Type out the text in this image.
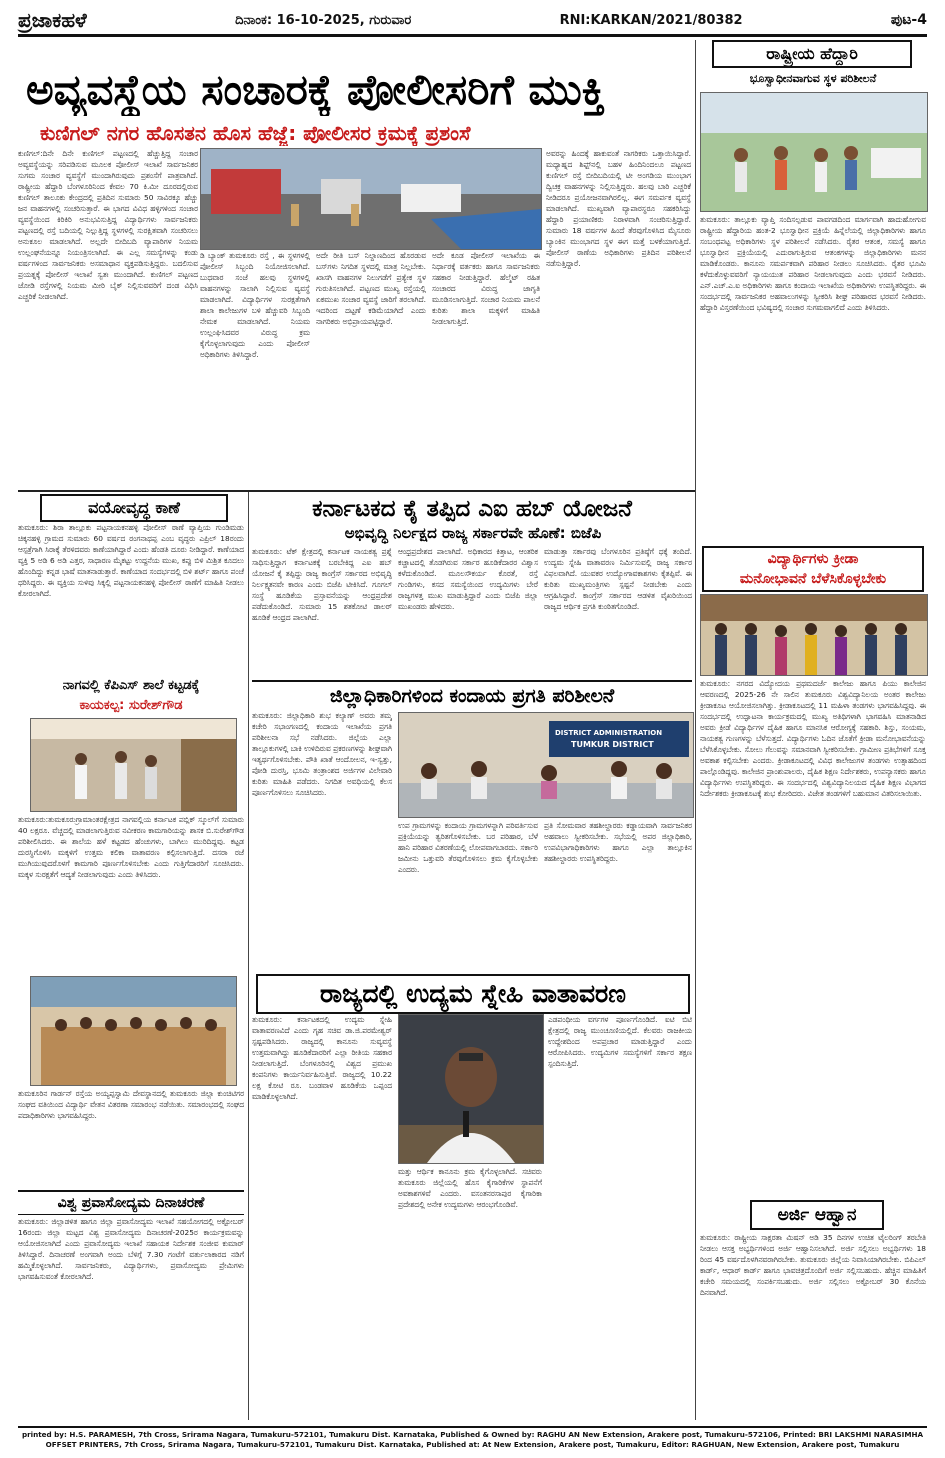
ಪ್ರಜಾಕಹಳೆ	ದಿನಾಂಕ: 16-10-2025, ಗುರುವಾರ	RNI:KARKAN/2021/80382	ಪುಟ-4
ಅವ್ಯವಸ್ಥೆಯ ಸಂಚಾರಕ್ಕೆ ಪೋಲೀಸರಿಗೆ ಮುಕ್ತಿ
ಕುಣಿಗಲ್ ನಗರ ಹೊಸತನ ಹೊಸ ಹೆಜ್ಜೆ: ಪೋಲೀಸರ ಕ್ರಮಕ್ಕೆ ಪ್ರಶಂಸೆ
ಕುಣಿಗಲ್:ದಿನೇ ದಿನೇ ಕುಣಿಗಲ್ ಪಟ್ಟಣದಲ್ಲಿ ಹೆಚ್ಚುತ್ತಿದ್ದ ಸಂಚಾರ ಅವ್ಯವಸ್ಥೆಯನ್ನು ಸರಿಪಡಿಸುವ ಮೂಲಕ ಪೋಲೀಸ್ ಇಲಾಖೆ ಸಾರ್ವಜನಿಕರ ಸುಗಮ ಸಂಚಾರ ವ್ಯವಸ್ಥೆಗೆ ಮುಂದಾಗಿರುವುದು ಪ್ರಶಂಸೆಗೆ ಪಾತ್ರವಾಗಿದೆ. ರಾಷ್ಟ್ರೀಯ ಹೆದ್ದಾರಿ ಬೆಂಗಳೂರಿನಿಂದ ಕೇವಲ 70 ಕಿ.ಮೀ ದೂರದಲ್ಲಿರುವ ಕುಣಿಗಲ್ ತಾಲೂಕು ಕೇಂದ್ರದಲ್ಲಿ ಪ್ರತಿದಿನ ಸುಮಾರು 50 ಸಾವಿರಕ್ಕೂ ಹೆಚ್ಚು ಜನ ವಾಹನಗಳಲ್ಲಿ ಸಂಚರಿಸುತ್ತಾರೆ. ಈ ಭಾಗದ ವಿವಿಧ ಹಳ್ಳಿಗಳಿಂದ ಸಂಚಾರ ವ್ಯವಸ್ಥೆಯಿಂದ ಕಿರಿಕಿರಿ ಅನುಭವಿಸುತ್ತಿದ್ದ ವಿದ್ಯಾರ್ಥಿಗಳು ಸಾರ್ವಜನಿಕರು ಪಟ್ಟಣದಲ್ಲಿ ರಸ್ತೆ ಬದಿಯಲ್ಲಿ ನಿಲ್ಲುತ್ತಿದ್ದ ಸ್ಥಳಗಳಲ್ಲಿ ಸುರಕ್ಷಿತವಾಗಿ ಸಂಚರಿಸಲು ಅನುಕೂಲ ಮಾಡಲಾಗಿದೆ. ಅಲ್ಲದೇ ಬೀದಿಬದಿ ವ್ಯಾಪಾರಿಗಳ ನಿಯಮ ಉಲ್ಲಂಘನೆಯನ್ನೂ ನಿಯಂತ್ರಿಸಲಾಗಿದೆ. ಈ ಎಲ್ಲ ಸಮಸ್ಯೆಗಳನ್ನು ಕಂಡು ವರ್ಷಗಳಿಂದ ಸಾರ್ವಜನಿಕರು ಅಸಮಾಧಾನ ವ್ಯಕ್ತಪಡಿಸುತ್ತಿದ್ದರು. ಬದಲಿಸುವ ಪ್ರಯತ್ನಕ್ಕೆ ಪೋಲೀಸ್ ಇಲಾಖೆ ಸ್ವತಃ ಮುಂದಾಗಿದೆ. ಕುಣಿಗಲ್ ಪಟ್ಟಣದ ಜೋಡಿ ರಸ್ತೆಗಳಲ್ಲಿ ನಿಯಮ ಮೀರಿ ಬೈಕ್ ನಿಲ್ಲಿಸುವವರಿಗೆ ದಂಡ ವಿಧಿಸಿ ಎಚ್ಚರಿಕೆ ನೀಡಲಾಗಿದೆ.
ಡಿ ಬ್ಯಾಂಕ್ ತುಮಕೂರು ರಸ್ತೆ , ಈ ಸ್ಥಳಗಳಲ್ಲಿ ಪೋಲೀಸ್ ಸಿಬ್ಬಂದಿ ನಿಯೋಜಿಸಲಾಗಿದೆ. ಬುಧವಾರ ಸಂಜೆ ಹಲವು ಸ್ಥಳಗಳಲ್ಲಿ ವಾಹನಗಳನ್ನು ಸಾಲಾಗಿ ನಿಲ್ಲಿಸುವ ವ್ಯವಸ್ಥೆ ಮಾಡಲಾಗಿದೆ. ವಿದ್ಯಾರ್ಥಿಗಳ ಸುರಕ್ಷತೆಗಾಗಿ ಶಾಲಾ ಕಾಲೇಜುಗಳ ಬಳಿ ಹೆಚ್ಚುವರಿ ಸಿಬ್ಬಂದಿ ನೇಮಕ ಮಾಡಲಾಗಿದೆ. ನಿಯಮ ಉಲ್ಲಂಘಿಸಿದವರ ವಿರುದ್ಧ ಕ್ರಮ ಕೈಗೊಳ್ಳಲಾಗುವುದು ಎಂದು ಪೋಲೀಸ್ ಅಧಿಕಾರಿಗಳು ತಿಳಿಸಿದ್ದಾರೆ.
ಅದೇ ರೀತಿ ಬಸ್ ನಿಲ್ದಾಣದಿಂದ ಹೊರಡುವ ಬಸ್‌ಗಳು ನಿಗದಿತ ಸ್ಥಳದಲ್ಲಿ ಮಾತ್ರ ನಿಲ್ಲಬೇಕು. ಖಾಸಗಿ ವಾಹನಗಳ ನಿಲುಗಡೆಗೆ ಪ್ರತ್ಯೇಕ ಸ್ಥಳ ಗುರುತಿಸಲಾಗಿದೆ. ಪಟ್ಟಣದ ಮುಖ್ಯ ರಸ್ತೆಯಲ್ಲಿ ಏಕಮುಖ ಸಂಚಾರ ವ್ಯವಸ್ಥೆ ಜಾರಿಗೆ ತರಲಾಗಿದೆ. ಇದರಿಂದ ದಟ್ಟಣೆ ಕಡಿಮೆಯಾಗಿದೆ ಎಂದು ನಾಗರಿಕರು ಅಭಿಪ್ರಾಯಪಟ್ಟಿದ್ದಾರೆ.
ಅದೇ ಕೂಡ ಪೋಲೀಸ್ ಇಲಾಖೆಯ ಈ ನಿರ್ಧಾರಕ್ಕೆ ವರ್ತಕರು ಹಾಗೂ ಸಾರ್ವಜನಿಕರು ಸಹಕಾರ ನೀಡುತ್ತಿದ್ದಾರೆ. ಹೆಲ್ಮೆಟ್ ರಹಿತ ಸಂಚಾರದ ವಿರುದ್ಧ ಜಾಗೃತಿ ಮೂಡಿಸಲಾಗುತ್ತಿದೆ. ಸಂಚಾರ ನಿಯಮ ಪಾಲನೆ ಕುರಿತು ಶಾಲಾ ಮಕ್ಕಳಿಗೆ ಮಾಹಿತಿ ನೀಡಲಾಗುತ್ತಿದೆ.
ಅವರನ್ನು ಹಿಂದಕ್ಕೆ ಹಾಕುವಂತೆ ನಾಗರಿಕರು ಒತ್ತಾಯಿಸಿದ್ದಾರೆ. ಮಧ್ಯಾಹ್ನದ ಶಿಫ್ಟ್‌ನಲ್ಲಿ ಬಹಳ ಹಿಂದಿನಿಂದಲೂ ಪಟ್ಟಣದ ಕುಣಿಗಲ್ ರಸ್ತೆ ಬೀದಿಬದಿಯಲ್ಲಿ ಟೀ ಅಂಗಡಿಯ ಮುಂಭಾಗ ದ್ವಿಚಕ್ರ ವಾಹನಗಳನ್ನು ನಿಲ್ಲಿಸುತ್ತಿದ್ದರು. ಹಲವು ಬಾರಿ ಎಚ್ಚರಿಕೆ ನೀಡಿದರೂ ಪ್ರಯೋಜನವಾಗಿರಲಿಲ್ಲ. ಈಗ ಸಮರ್ಪಕ ವ್ಯವಸ್ಥೆ ಮಾಡಲಾಗಿದೆ. ಮುಖ್ಯವಾಗಿ ವ್ಯಾಪಾರಸ್ಥರೂ ಸಹಕರಿಸಿದ್ದು ಹೆದ್ದಾರಿ ಪ್ರಯಾಣಿಕರು ನಿರಾಳವಾಗಿ ಸಂಚರಿಸುತ್ತಿದ್ದಾರೆ. ಸುಮಾರು 18 ವರ್ಷಗಳ ಹಿಂದೆ ತೆರವುಗೊಳಿಸಿದ ಮೈಸೂರು ಬ್ಯಾಂಕಿನ ಮುಂಭಾಗದ ಸ್ಥಳ ಈಗ ಮತ್ತೆ ಬಳಕೆಯಾಗುತ್ತಿದೆ. ಪೋಲೀಸ್ ಠಾಣೆಯ ಅಧಿಕಾರಿಗಳು ಪ್ರತಿದಿನ ಪರಿಶೀಲನೆ ನಡೆಸುತ್ತಿದ್ದಾರೆ.
ರಾಷ್ಟ್ರೀಯ ಹೆದ್ದಾರಿ
ಭೂಸ್ವಾಧೀನವಾಗುವ ಸ್ಥಳ ಪರಿಶೀಲನೆ
ತುಮಕೂರು: ತಾಲ್ಲೂಕು ವ್ಯಾಪ್ತಿ ಸಂದಿಸಲ್ಪಡುವ ಪಾವಗಡದಿಂದ ಮಾರ್ಗವಾಗಿ ಹಾದುಹೋಗುವ ರಾಷ್ಟ್ರೀಯ ಹೆದ್ದಾರಿಯ ಹಂತ-2 ಭೂಸ್ವಾಧೀನ ಪ್ರಕ್ರಿಯೆ ಹಿನ್ನೆಲೆಯಲ್ಲಿ ಜಿಲ್ಲಾಧಿಕಾರಿಗಳು ಹಾಗೂ ಸಂಬಂಧಪಟ್ಟ ಅಧಿಕಾರಿಗಳು ಸ್ಥಳ ಪರಿಶೀಲನೆ ನಡೆಸಿದರು. ರೈತರ ಆತಂಕ, ಸಮಸ್ಯೆ ಹಾಗೂ ಭೂಸ್ವಾಧೀನ ಪ್ರಕ್ರಿಯೆಯಲ್ಲಿ ಎದುರಾಗುತ್ತಿರುವ ಆತಂಕಗಳನ್ನು ಜಿಲ್ಲಾಧಿಕಾರಿಗಳು ಮನನ ಮಾಡಿಕೊಂಡರು. ಕಾನೂನು ಸಮರ್ಪಕವಾಗಿ ಪರಿಹಾರ ನೀಡಲು ಸೂಚಿಸಿದರು. ರೈತರ ಭೂಮಿ ಕಳೆದುಕೊಳ್ಳುವವರಿಗೆ ನ್ಯಾಯಯುತ ಪರಿಹಾರ ನೀಡಲಾಗುವುದು ಎಂದು ಭರವಸೆ ನೀಡಿದರು. ಎನ್.ಎಚ್.ಎ.ಐ ಅಧಿಕಾರಿಗಳು ಹಾಗೂ ಕಂದಾಯ ಇಲಾಖೆಯ ಅಧಿಕಾರಿಗಳು ಉಪಸ್ಥಿತರಿದ್ದರು. ಈ ಸಂದರ್ಭದಲ್ಲಿ ಸಾರ್ವಜನಿಕರ ಅಹವಾಲುಗಳನ್ನು ಸ್ವೀಕರಿಸಿ ಶೀಘ್ರ ಪರಿಹಾರದ ಭರವಸೆ ನೀಡಿದರು. ಹೆದ್ದಾರಿ ವಿಸ್ತರಣೆಯಿಂದ ಭವಿಷ್ಯದಲ್ಲಿ ಸಂಚಾರ ಸುಗಮವಾಗಲಿದೆ ಎಂದು ತಿಳಿಸಿದರು.
ವಯೋವೃದ್ಧ ಕಾಣೆ
ತುಮಕೂರು: ಶಿರಾ ತಾಲ್ಲೂಕು ಪಟ್ಟನಾಯಕನಹಳ್ಳಿ ಪೋಲೀಸ್ ಠಾಣೆ ವ್ಯಾಪ್ತಿಯ ಗುಂಡಿಮಡು ಚಿಕ್ಕನಹಳ್ಳಿ ಗ್ರಾಮದ ಸುಮಾರು 60 ವರ್ಷದ ರಂಗನಾಥಪ್ಪ ಎಂಬ ವೃದ್ಧರು ಎಪ್ರಿಲ್ 18ರಂದು ಆಸ್ಪತ್ರೆಗಾಗಿ ಸಿರಾಕ್ಕೆ ತೆರಳಿದವರು ಕಾಣೆಯಾಗಿದ್ದಾರೆ ಎಂದು ಹೆಂಡತಿ ದೂರು ನೀಡಿದ್ದಾರೆ. ಕಾಣೆಯಾದ ವ್ಯಕ್ತಿ 5 ಅಡಿ 6 ಅಡಿ ಎತ್ತರ, ಸಾಧಾರಣ ಮೈಕಟ್ಟು ಉದ್ದನೆಯ ಮುಖ, ಕಪ್ಪು ಬಿಳಿ ಮಿಶ್ರಿತ ಕೂದಲು ಹೊಂದಿದ್ದು ಕನ್ನಡ ಭಾಷೆ ಮಾತನಾಡುತ್ತಾರೆ. ಕಾಣೆಯಾದ ಸಂದರ್ಭದಲ್ಲಿ ಬಿಳಿ ಶರ್ಟ್ ಹಾಗೂ ಪಂಚೆ ಧರಿಸಿದ್ದರು. ಈ ವ್ಯಕ್ತಿಯ ಸುಳಿವು ಸಿಕ್ಕಲ್ಲಿ ಪಟ್ಟನಾಯಕನಹಳ್ಳಿ ಪೋಲೀಸ್ ಠಾಣೆಗೆ ಮಾಹಿತಿ ನೀಡಲು ಕೋರಲಾಗಿದೆ.
ನಾಗವಲ್ಲಿ ಕೆಪಿಎಸ್ ಶಾಲೆ ಕಟ್ಟಡಕ್ಕೆ
ಕಾಯಕಲ್ಪ: ಸುರೇಶ್‌ಗೌಡ
ತುಮಕೂರು:ತುಮಕೂರುಗ್ರಾಮಾಂತರಕ್ಷೇತ್ರದ ನಾಗವಲ್ಲಿಯ ಕರ್ನಾಟಕ ಪಬ್ಲಿಕ್ ಸ್ಕೂಲ್‌ಗೆ ಸುಮಾರು 40 ಲಕ್ಷರೂ. ವೆಚ್ಚದಲ್ಲಿ ಮಾಡಲಾಗುತ್ತಿರುವ ನವೀಕರಣ ಕಾಮಗಾರಿಯನ್ನು ಶಾಸಕ ಬಿ.ಸುರೇಶ್‌ಗೌಡ ಪರಿಶೀಲಿಸಿದರು. ಈ ಶಾಲೆಯ ಹಳೆ ಕಟ್ಟಡದ ಹೆಂಚುಗಳು, ಬಾಗಿಲು ಮುರಿದಿದ್ದವು. ಕಟ್ಟಡ ದುರಸ್ಥಿಗೊಳಿಸಿ ಮಕ್ಕಳಿಗೆ ಉತ್ತಮ ಕಲಿಕಾ ವಾತಾವರಣ ಕಲ್ಪಿಸಲಾಗುತ್ತಿದೆ. ದಸರಾ ರಜೆ ಮುಗಿಯುವುದರೊಳಗೆ ಕಾಮಗಾರಿ ಪೂರ್ಣಗೊಳಿಸಬೇಕು ಎಂದು ಗುತ್ತಿಗೆದಾರರಿಗೆ ಸೂಚಿಸಿದರು. ಮಕ್ಕಳ ಸುರಕ್ಷತೆಗೆ ಆದ್ಯತೆ ನೀಡಲಾಗುವುದು ಎಂದು ತಿಳಿಸಿದರು.
ತುಮಕೂರಿನ ಗಾರ್ಡನ್ ರಸ್ತೆಯ ಅಯ್ಯಪ್ಪಸ್ವಾಮಿ ದೇವಸ್ಥಾನದಲ್ಲಿ ತುಮಕೂರು ಜಿಲ್ಲಾ ಕುಂಚಿಟಿಗರ ಸಂಘದ ವತಿಯಿಂದ ವಿದ್ಯಾರ್ಥಿ ವೇತನ ವಿತರಣಾ ಸಮಾರಂಭ ನಡೆಯಿತು. ಸಮಾರಂಭದಲ್ಲಿ ಸಂಘದ ಪದಾಧಿಕಾರಿಗಳು ಭಾಗವಹಿಸಿದ್ದರು.
ವಿಶ್ವ ಪ್ರವಾಸೋದ್ಯಮ ದಿನಾಚರಣೆ
ತುಮಕೂರು: ಜಿಲ್ಲಾಡಳಿತ ಹಾಗೂ ಜಿಲ್ಲಾ ಪ್ರವಾಸೋದ್ಯಮ ಇಲಾಖೆ ಸಹಯೋಗದಲ್ಲಿ ಅಕ್ಟೋಬರ್ 16ರಂದು ಜಿಲ್ಲಾ ಮಟ್ಟದ ವಿಶ್ವ ಪ್ರವಾಸೋದ್ಯಮ ದಿನಾಚರಣೆ-2025ರ ಕಾರ್ಯಕ್ರಮವನ್ನು ಆಯೋಜಿಸಲಾಗಿದೆ ಎಂದು ಪ್ರವಾಸೋದ್ಯಮ ಇಲಾಖೆ ಸಹಾಯಕ ನಿರ್ದೇಶಕ ಸಂಜೀವ ಕುಮಾರ್ ತಿಳಿಸಿದ್ದಾರೆ. ದಿನಾಚರಣೆ ಅಂಗವಾಗಿ ಅಂದು ಬೆಳಿಗ್ಗೆ 7.30 ಗಂಟೆಗೆ ವರ್ತುಲಾಕಾರದ ನಡಿಗೆ ಹಮ್ಮಿಕೊಳ್ಳಲಾಗಿದೆ. ಸಾರ್ವಜನಿಕರು, ವಿದ್ಯಾರ್ಥಿಗಳು, ಪ್ರವಾಸೋದ್ಯಮ ಪ್ರೇಮಿಗಳು ಭಾಗವಹಿಸುವಂತೆ ಕೋರಲಾಗಿದೆ.
ಕರ್ನಾಟಕದ ಕೈ ತಪ್ಪಿದ ಎಐ ಹಬ್ ಯೋಜನೆ
ಅಭಿವೃದ್ಧಿ ನಿರ್ಲಕ್ಷದ ರಾಜ್ಯ ಸರ್ಕಾರವೇ ಹೊಣೆ: ಬಿಜೆಪಿ
ತುಮಕೂರು: ಟೆಕ್ ಕ್ಷೇತ್ರದಲ್ಲಿ ಕರ್ನಾಟಕ ನಾಯಕತ್ವ ಪ್ರಶ್ನೆ ಸಾಧಿಸುತ್ತಿದ್ದಾಗ ಕರ್ನಾಟಕಕ್ಕೆ ಬರಬೇಕಿದ್ದ ಎಐ ಹಬ್ ಯೋಜನೆ ಕೈ ತಪ್ಪಿದ್ದು ರಾಜ್ಯ ಕಾಂಗ್ರೆಸ್ ಸರ್ಕಾರದ ಅಭಿವೃದ್ಧಿ ನಿರ್ಲಕ್ಷ್ಯತನವೇ ಕಾರಣ ಎಂದು ಬಿಜೆಪಿ ಟೀಕಿಸಿದೆ. ಗೂಗಲ್ ಸಂಸ್ಥೆ ಹೂಡಿಕೆಯ ಪ್ರಸ್ತಾವನೆಯನ್ನು ಆಂಧ್ರಪ್ರದೇಶ ಪಡೆದುಕೊಂಡಿದೆ. ಸುಮಾರು 15 ಶತಕೋಟಿ ಡಾಲರ್ ಹೂಡಿಕೆ ಆಂಧ್ರದ ಪಾಲಾಗಿದೆ.
ಆಂಧ್ರಪ್ರದೇಶದ ಪಾಲಾಗಿದೆ. ಅಧಿಕಾರದ ಕಿತ್ತಾಟ, ಆಂತರಿಕ ಕಚ್ಚಾಟದಲ್ಲಿ ತೊಡಗಿರುವ ಸರ್ಕಾರ ಹೂಡಿಕೆದಾರರ ವಿಶ್ವಾಸ ಕಳೆದುಕೊಂಡಿದೆ. ಮೂಲಸೌಕರ್ಯ ಕೊರತೆ, ರಸ್ತೆ ಗುಂಡಿಗಳು, ಕಸದ ಸಮಸ್ಯೆಯಿಂದ ಉದ್ಯಮಿಗಳು ಬೇರೆ ರಾಜ್ಯಗಳತ್ತ ಮುಖ ಮಾಡುತ್ತಿದ್ದಾರೆ ಎಂದು ಬಿಜೆಪಿ ಜಿಲ್ಲಾ ಮುಖಂಡರು ಹೇಳಿದರು.
ಮಾಡುತ್ತಾ ಸರ್ಕಾರವು ಬೆಂಗಳೂರಿನ ಪ್ರತಿಷ್ಠೆಗೆ ಧಕ್ಕೆ ತಂದಿದೆ. ಉದ್ಯಮ ಸ್ನೇಹಿ ವಾತಾವರಣ ನಿರ್ಮಿಸುವಲ್ಲಿ ರಾಜ್ಯ ಸರ್ಕಾರ ವಿಫಲವಾಗಿದೆ. ಯುವಕರ ಉದ್ಯೋಗಾವಕಾಶಗಳು ಕೈತಪ್ಪಿವೆ. ಈ ಕುರಿತು ಮುಖ್ಯಮಂತ್ರಿಗಳು ಸ್ಪಷ್ಟನೆ ನೀಡಬೇಕು ಎಂದು ಆಗ್ರಹಿಸಿದ್ದಾರೆ. ಕಾಂಗ್ರೆಸ್ ಸರ್ಕಾರದ ಆಡಳಿತ ವೈಖರಿಯಿಂದ ರಾಜ್ಯದ ಆರ್ಥಿಕ ಪ್ರಗತಿ ಕುಂಠಿತಗೊಂಡಿದೆ.
ಜಿಲ್ಲಾಧಿಕಾರಿಗಳಿಂದ ಕಂದಾಯ ಪ್ರಗತಿ ಪರಿಶೀಲನೆ
ತುಮಕೂರು: ಜಿಲ್ಲಾಧಿಕಾರಿ ಶುಭ ಕಲ್ಯಾಣ್ ಅವರು ತಮ್ಮ ಕಚೇರಿ ಸಭಾಂಗಣದಲ್ಲಿ ಕಂದಾಯ ಇಲಾಖೆಯ ಪ್ರಗತಿ ಪರಿಶೀಲನಾ ಸಭೆ ನಡೆಸಿದರು. ಜಿಲ್ಲೆಯ ಎಲ್ಲಾ ತಾಲ್ಲೂಕುಗಳಲ್ಲಿ ಬಾಕಿ ಉಳಿದಿರುವ ಪ್ರಕರಣಗಳನ್ನು ಶೀಘ್ರವಾಗಿ ಇತ್ಯರ್ಥಗೊಳಿಸಬೇಕು. ಪೌತಿ ಖಾತೆ ಆಂದೋಲನ, ಇ-ಸ್ವತ್ತು, ಪೋಡಿ ದುರಸ್ತಿ, ಭೂಮಿ ತಂತ್ರಾಂಶದ ಅರ್ಜಿಗಳ ವಿಲೇವಾರಿ ಕುರಿತು ಮಾಹಿತಿ ಪಡೆದರು. ನಿಗದಿತ ಅವಧಿಯಲ್ಲಿ ಕೆಲಸ ಪೂರ್ಣಗೊಳಿಸಲು ಸೂಚಿಸಿದರು.
DISTRICT ADMINISTRATION
TUMKUR DISTRICT
ಉಪ ಗ್ರಾಮಗಳನ್ನು ಕಂದಾಯ ಗ್ರಾಮಗಳನ್ನಾಗಿ ಪರಿವರ್ತಿಸುವ ಪ್ರಕ್ರಿಯೆಯನ್ನು ತ್ವರಿತಗೊಳಿಸಬೇಕು. ಬರ ಪರಿಹಾರ, ಬೆಳೆ ಹಾನಿ ಪರಿಹಾರ ವಿತರಣೆಯಲ್ಲಿ ಲೋಪವಾಗಬಾರದು. ಸರ್ಕಾರಿ ಜಮೀನು ಒತ್ತುವರಿ ತೆರವುಗೊಳಿಸಲು ಕ್ರಮ ಕೈಗೊಳ್ಳಬೇಕು ಎಂದರು.
ಪ್ರತಿ ಸೋಮವಾರ ತಹಶೀಲ್ದಾರರು ಕಡ್ಡಾಯವಾಗಿ ಸಾರ್ವಜನಿಕರ ಅಹವಾಲು ಸ್ವೀಕರಿಸಬೇಕು. ಸಭೆಯಲ್ಲಿ ಅಪರ ಜಿಲ್ಲಾಧಿಕಾರಿ, ಉಪವಿಭಾಗಾಧಿಕಾರಿಗಳು ಹಾಗೂ ಎಲ್ಲಾ ತಾಲ್ಲೂಕಿನ ತಹಶೀಲ್ದಾರರು ಉಪಸ್ಥಿತರಿದ್ದರು.
ರಾಜ್ಯದಲ್ಲಿ ಉದ್ಯಮ ಸ್ನೇಹಿ ವಾತಾವರಣ
ತುಮಕೂರು: ಕರ್ನಾಟಕದಲ್ಲಿ ಉದ್ಯಮ ಸ್ನೇಹಿ ವಾತಾವರಣವಿದೆ ಎಂದು ಗೃಹ ಸಚಿವ ಡಾ.ಜಿ.ಪರಮೇಶ್ವರ್ ಸ್ಪಷ್ಟಪಡಿಸಿದರು. ರಾಜ್ಯದಲ್ಲಿ ಕಾನೂನು ಸುವ್ಯವಸ್ಥೆ ಉತ್ತಮವಾಗಿದ್ದು ಹೂಡಿಕೆದಾರರಿಗೆ ಎಲ್ಲಾ ರೀತಿಯ ಸಹಕಾರ ನೀಡಲಾಗುತ್ತಿದೆ. ಬೆಂಗಳೂರಿನಲ್ಲಿ ವಿಶ್ವದ ಪ್ರಮುಖ ಕಂಪನಿಗಳು ಕಾರ್ಯನಿರ್ವಹಿಸುತ್ತಿವೆ. ರಾಜ್ಯದಲ್ಲಿ 10.22 ಲಕ್ಷ ಕೋಟಿ ರೂ. ಬಂಡವಾಳ ಹೂಡಿಕೆಯ ಒಪ್ಪಂದ ಮಾಡಿಕೊಳ್ಳಲಾಗಿದೆ.
ಮತ್ತು ಆರ್ಥಿಕ ಕಾನೂನು ಕ್ರಮ ಕೈಗೊಳ್ಳಲಾಗಿದೆ. ಸಚಿವರು ತುಮಕೂರು ಜಿಲ್ಲೆಯಲ್ಲಿ ಹೊಸ ಕೈಗಾರಿಕೆಗಳ ಸ್ಥಾಪನೆಗೆ ಅವಕಾಶಗಳಿವೆ ಎಂದರು. ವಸಂತನರಸಾಪುರ ಕೈಗಾರಿಕಾ ಪ್ರದೇಶದಲ್ಲಿ ಅನೇಕ ಉದ್ಯಮಗಳು ಆರಂಭಗೊಂಡಿವೆ.
ಎಡಪಂಥೀಯ ವರ್ಗಗಳ ಪೂರ್ಣಗೊಂಡಿದೆ. ಐಟಿ ಬಿಟಿ ಕ್ಷೇತ್ರದಲ್ಲಿ ರಾಜ್ಯ ಮುಂಚೂಣಿಯಲ್ಲಿದೆ. ಕೆಲವರು ರಾಜಕೀಯ ಉದ್ದೇಶದಿಂದ ಅಪಪ್ರಚಾರ ಮಾಡುತ್ತಿದ್ದಾರೆ ಎಂದು ಆರೋಪಿಸಿದರು. ಉದ್ಯಮಿಗಳ ಸಮಸ್ಯೆಗಳಿಗೆ ಸರ್ಕಾರ ತಕ್ಷಣ ಸ್ಪಂದಿಸುತ್ತಿದೆ.
ವಿದ್ಯಾರ್ಥಿಗಳು ಕ್ರೀಡಾ
ಮನೋಭಾವನೆ ಬೆಳೆಸಿಕೊಳ್ಳಬೇಕು
ತುಮಕೂರು: ನಗರದ ವಿದ್ಯೋದಯ ಪ್ರಥಮದರ್ಜೆ ಕಾಲೇಜು ಹಾಗೂ ಪಿಯು ಕಾಲೇಜಿನ ಆವರಣದಲ್ಲಿ 2025-26 ನೇ ಸಾಲಿನ ತುಮಕೂರು ವಿಶ್ವವಿದ್ಯಾನಿಲಯ ಅಂತರ ಕಾಲೇಜು ಕ್ರೀಡಾಕೂಟ ಆಯೋಜಿಸಲಾಗಿತ್ತು. ಕ್ರೀಡಾಕೂಟದಲ್ಲಿ 11 ಮಹಿಳಾ ತಂಡಗಳು ಭಾಗವಹಿಸಿದ್ದವು. ಈ ಸಂದರ್ಭದಲ್ಲಿ ಉದ್ಘಾಟನಾ ಕಾರ್ಯಕ್ರಮದಲ್ಲಿ ಮುಖ್ಯ ಅತಿಥಿಗಳಾಗಿ ಭಾಗವಹಿಸಿ ಮಾತನಾಡಿದ ಅವರು ಕ್ರೀಡೆ ವಿದ್ಯಾರ್ಥಿಗಳ ದೈಹಿಕ ಹಾಗೂ ಮಾನಸಿಕ ಆರೋಗ್ಯಕ್ಕೆ ಸಹಕಾರಿ. ಶಿಸ್ತು, ಸಂಯಮ, ನಾಯಕತ್ವ ಗುಣಗಳನ್ನು ಬೆಳೆಸುತ್ತದೆ. ವಿದ್ಯಾರ್ಥಿಗಳು ಓದಿನ ಜೊತೆಗೆ ಕ್ರೀಡಾ ಮನೋಭಾವನೆಯನ್ನು ಬೆಳೆಸಿಕೊಳ್ಳಬೇಕು. ಸೋಲು ಗೆಲುವನ್ನು ಸಮಾನವಾಗಿ ಸ್ವೀಕರಿಸಬೇಕು. ಗ್ರಾಮೀಣ ಪ್ರತಿಭೆಗಳಿಗೆ ಸೂಕ್ತ ಅವಕಾಶ ಕಲ್ಪಿಸಬೇಕು ಎಂದರು. ಕ್ರೀಡಾಕೂಟದಲ್ಲಿ ವಿವಿಧ ಕಾಲೇಜುಗಳ ತಂಡಗಳು ಉತ್ಸಾಹದಿಂದ ಪಾಲ್ಗೊಂಡಿದ್ದವು. ಕಾಲೇಜಿನ ಪ್ರಾಂಶುಪಾಲರು, ದೈಹಿಕ ಶಿಕ್ಷಣ ನಿರ್ದೇಶಕರು, ಉಪನ್ಯಾಸಕರು ಹಾಗೂ ವಿದ್ಯಾರ್ಥಿಗಳು ಉಪಸ್ಥಿತರಿದ್ದರು. ಈ ಸಂದರ್ಭದಲ್ಲಿ ವಿಶ್ವವಿದ್ಯಾನಿಲಯದ ದೈಹಿಕ ಶಿಕ್ಷಣ ವಿಭಾಗದ ನಿರ್ದೇಶಕರು ಕ್ರೀಡಾಕೂಟಕ್ಕೆ ಶುಭ ಕೋರಿದರು. ವಿಜೇತ ತಂಡಗಳಿಗೆ ಬಹುಮಾನ ವಿತರಿಸಲಾಯಿತು.
ಅರ್ಜಿ ಆಹ್ವಾನ
ತುಮಕೂರು: ರಾಷ್ಟ್ರೀಯ ಸಾಕ್ಷರತಾ ಮಿಷನ್ ಅಡಿ 35 ದಿನಗಳ ಉಚಿತ ಟೈಲರಿಂಗ್ ತರಬೇತಿ ನೀಡಲು ಆಸಕ್ತ ಅಭ್ಯರ್ಥಿಗಳಿಂದ ಅರ್ಜಿ ಆಹ್ವಾನಿಸಲಾಗಿದೆ. ಅರ್ಜಿ ಸಲ್ಲಿಸಲು ಅಭ್ಯರ್ಥಿಗಳು 18 ರಿಂದ 45 ವರ್ಷದೊಳಗಿನವರಾಗಿರಬೇಕು. ತುಮಕೂರು ಜಿಲ್ಲೆಯ ನಿವಾಸಿಯಾಗಿರಬೇಕು. ಬಿಪಿಎಲ್ ಕಾರ್ಡ್, ಆಧಾರ್ ಕಾರ್ಡ್ ಹಾಗೂ ಭಾವಚಿತ್ರದೊಂದಿಗೆ ಅರ್ಜಿ ಸಲ್ಲಿಸಬಹುದು. ಹೆಚ್ಚಿನ ಮಾಹಿತಿಗೆ ಕಚೇರಿ ಸಮಯದಲ್ಲಿ ಸಂಪರ್ಕಿಸಬಹುದು. ಅರ್ಜಿ ಸಲ್ಲಿಸಲು ಅಕ್ಟೋಬರ್ 30 ಕೊನೆಯ ದಿನವಾಗಿದೆ.
printed by: H.S. PARAMESH, 7th Cross, Srirama Nagara, Tumakuru-572101, Tumakuru Dist. Karnataka, Published & Owned by: RAGHU AN New Extension, Arakere post, Tumakuru-572106, Printed: BRI LAKSHMI NARASIMHA
OFFSET PRINTERS, 7th Cross, Srirama Nagara, Tumakuru-572101, Tumakuru Dist. Karnataka, Published at: At New Extension, Arakere post, Tumakuru, Editor: RAGHUAN, New Extension, Arakere post, Tumakuru
